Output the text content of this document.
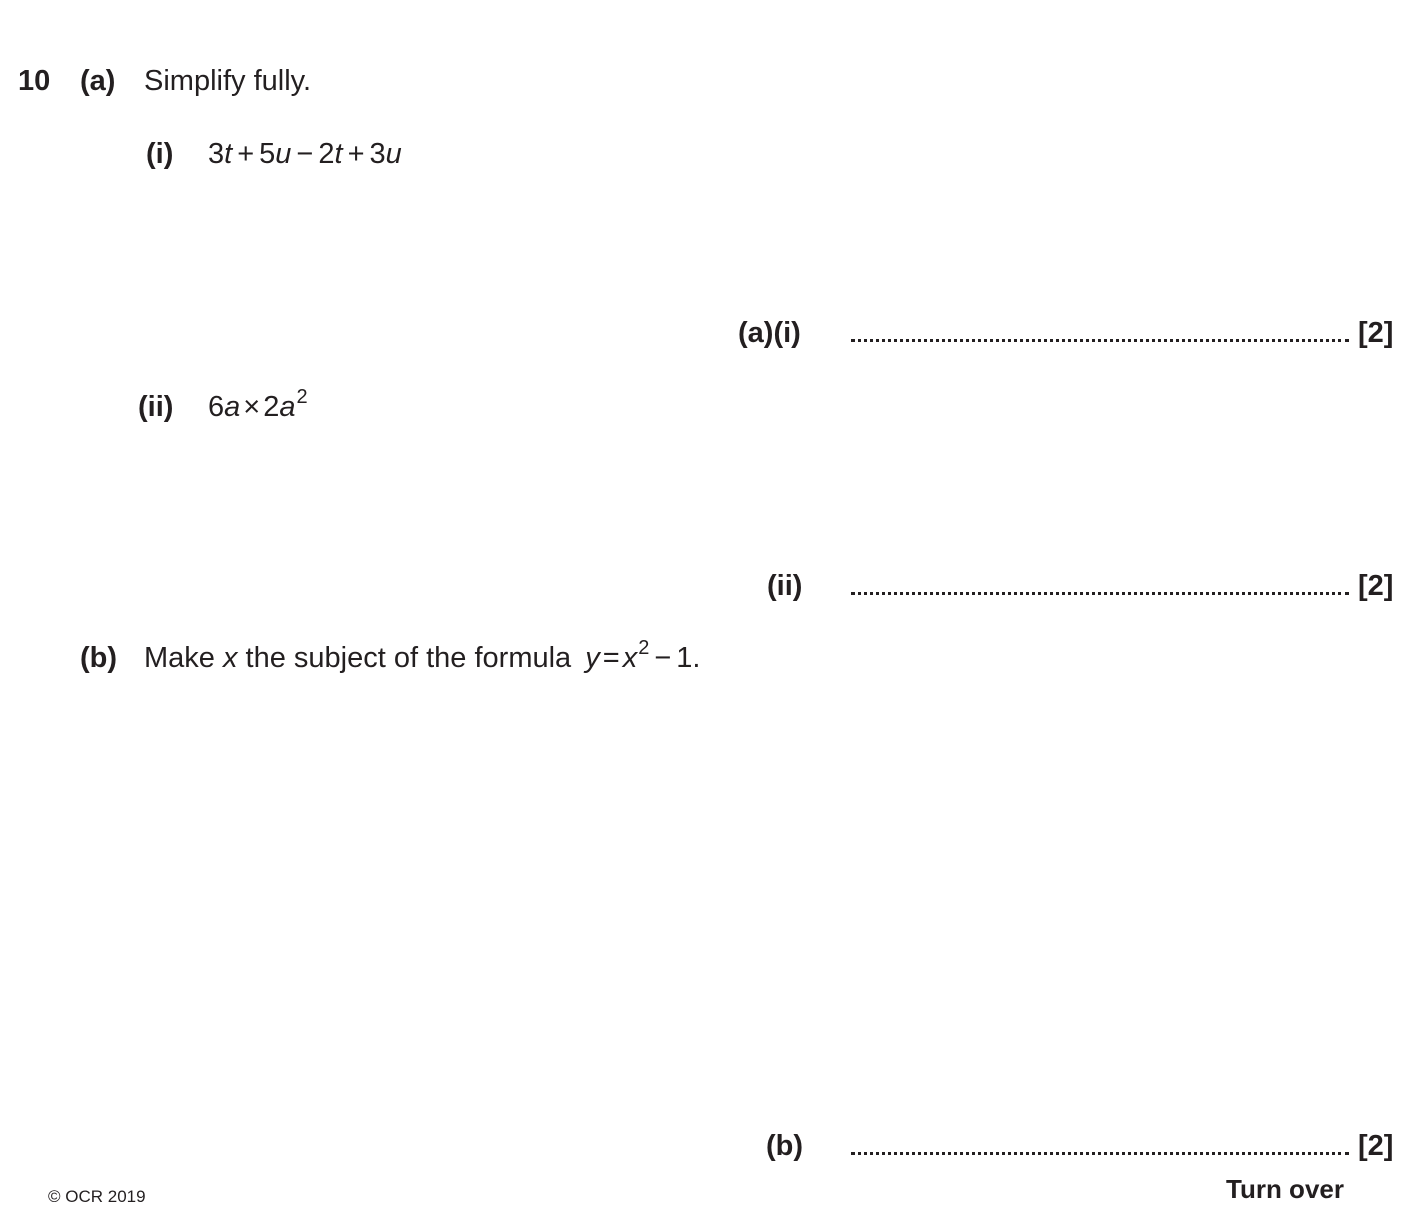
10 (a) Simplify fully.
(i) 3t + 5u − 2t + 3u
(a)(i)	[2]
(ii) $6a \times 2a^2$
(ii)	[2]
(b) Make x the subject of the formula $y = x^2 - 1$.
(b)	[2]
© OCR 2019	Turn over
